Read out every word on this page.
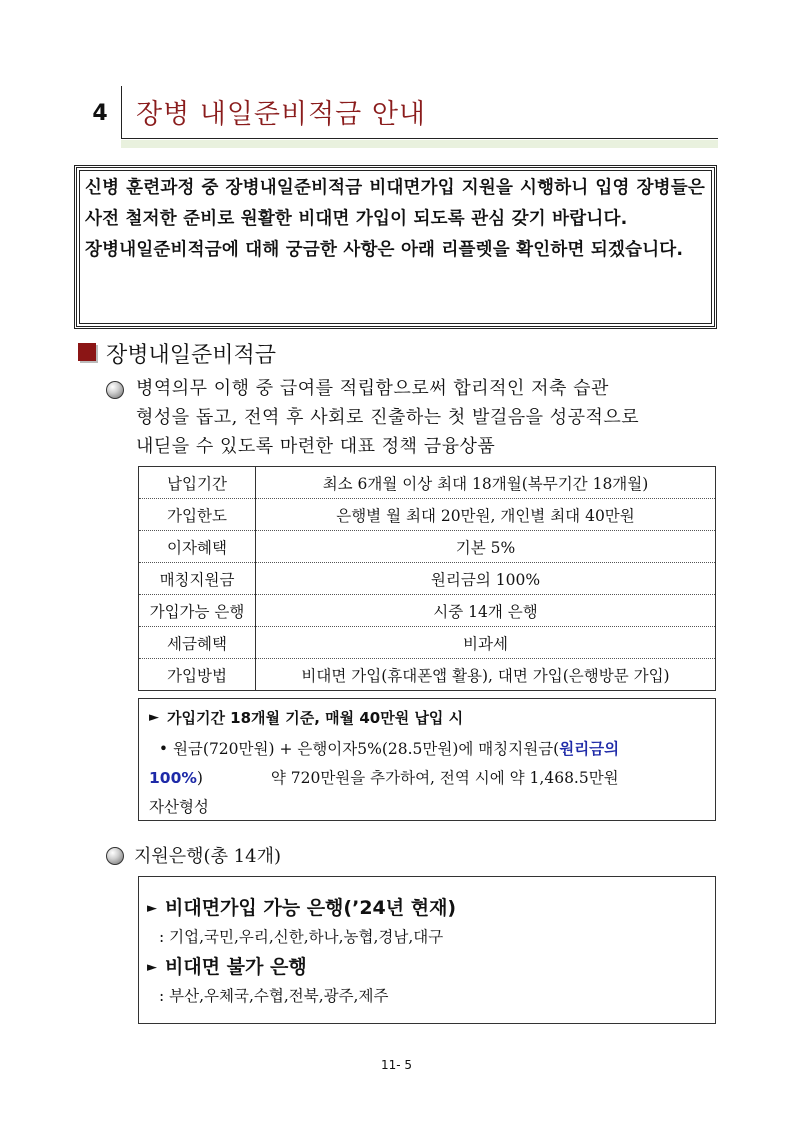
4	장병 내일준비적금 안내

신병 훈련과정 중 장병내일준비적금 비대면가입 지원을 시행하니 입영 장병들은 사전 철저한 준비로 원활한 비대면 가입이 되도록 관심 갖기 바랍니다.

장병내일준비적금에 대해 궁금한 사항은 아래 리플렛을 확인하면 되겠습니다.

장병내일준비적금
병역의무 이행 중 급여를 적립함으로써 합리적인 저축 습관
형성을 돕고, 전역 후 사회로 진출하는 첫 발걸음을 성공적으로
내딛을 수 있도록 마련한 대표 정책 금융상품
납입기간	최소 6개월 이상 최대 18개월(복무기간 18개월)
가입한도	은행별 월 최대 20만원, 개인별 최대 40만원
이자혜택	기본 5%
매칭지원금	원리금의 100%
가입가능 은행	시중 14개 은행
세금혜택	비과세
가입방법	비대면 가입(휴대폰앱 활용), 대면 가입(은행방문 가입)
► 가입기간 18개월 기준, 매월 40만원 납입 시
• 원금(720만원) + 은행이자5%(28.5만원)에 매칭지원금(원리금의
100%)	약 720만원을 추가하여, 전역 시에 약 1,468.5만원
자산형성
지원은행(총 14개)
► 비대면가입 가능 은행(’24년 현재)
: 기업,국민,우리,신한,하나,농협,경남,대구
► 비대면 불가 은행
: 부산,우체국,수협,전북,광주,제주
11- 5
